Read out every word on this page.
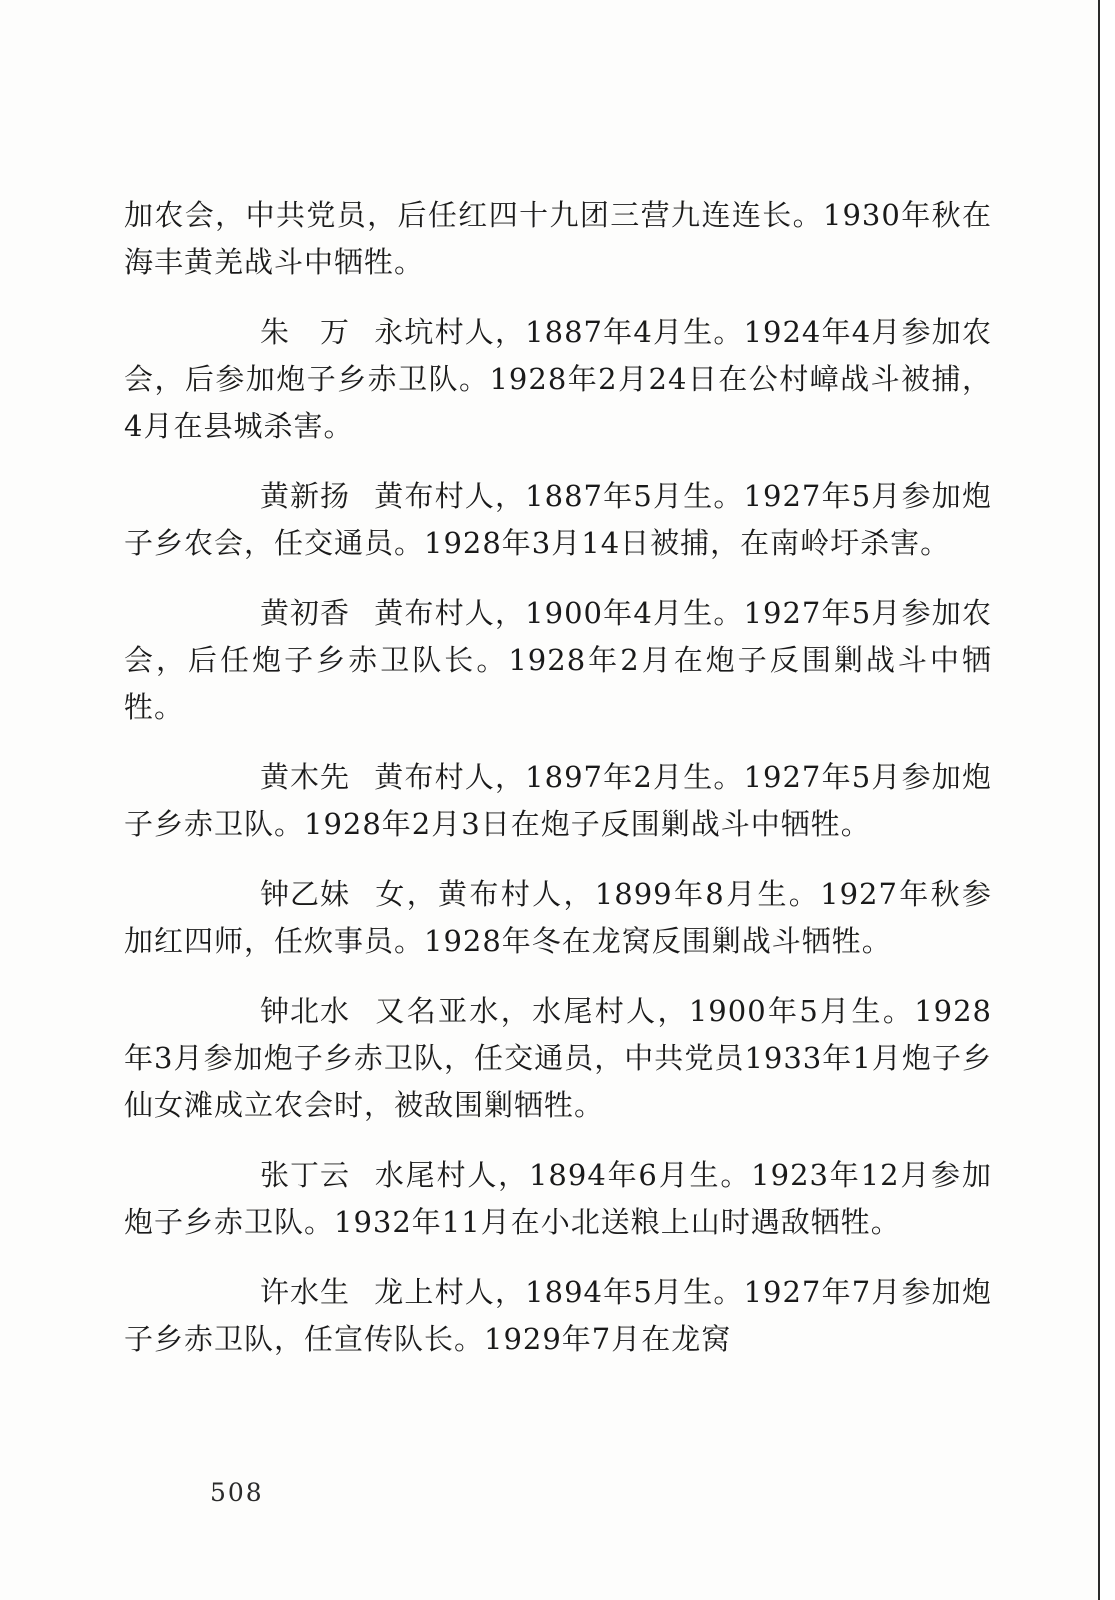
加农会，中共党员，后任红四十九团三营九连连长。1930年秋在海丰黄羌战斗中牺牲。

朱　万 永坑村人，1887年4月生。1924年4月参加农会，后参加炮子乡赤卫队。1928年2月24日在公村嶂战斗被捕，4月在县城杀害。

黄新扬 黄布村人，1887年5月生。1927年5月参加炮子乡农会，任交通员。1928年3月14日被捕，在南岭圩杀害。

黄初香 黄布村人，1900年4月生。1927年5月参加农会，后任炮子乡赤卫队长。1928年2月在炮子反围剿战斗中牺牲。

黄木先 黄布村人，1897年2月生。1927年5月参加炮子乡赤卫队。1928年2月3日在炮子反围剿战斗中牺牲。

钟乙妹 女，黄布村人，1899年8月生。1927年秋参加红四师，任炊事员。1928年冬在龙窝反围剿战斗牺牲。

钟北水 又名亚水，水尾村人，1900年5月生。1928年3月参加炮子乡赤卫队，任交通员，中共党员1933年1月炮子乡仙女滩成立农会时，被敌围剿牺牲。

张丁云 水尾村人，1894年6月生。1923年12月参加炮子乡赤卫队。1932年11月在小北送粮上山时遇敌牺牲。

许水生 龙上村人，1894年5月生。1927年7月参加炮子乡赤卫队，任宣传队长。1929年7月在龙窝

508
